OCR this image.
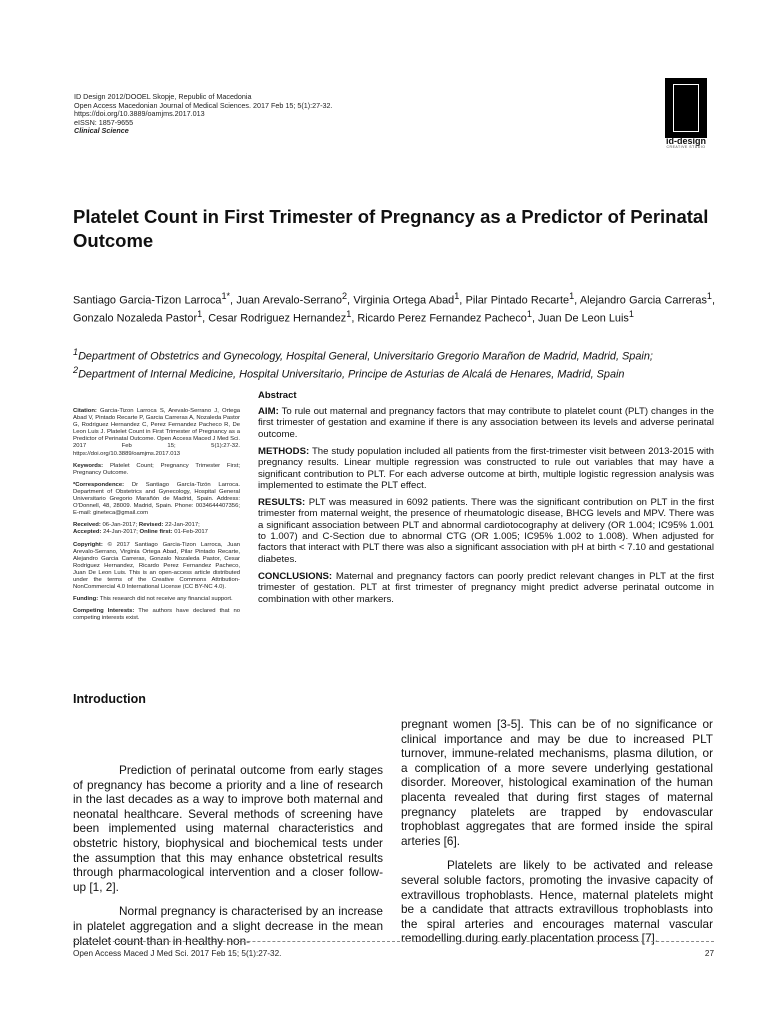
ID Design 2012/DOOEL Skopje, Republic of Macedonia
Open Access Macedonian Journal of Medical Sciences. 2017 Feb 15; 5(1):27-32.
https://doi.org/10.3889/oamjms.2017.013
eISSN: 1857-9655
Clinical Science
id-design
CREATIVE STUDIO
Platelet Count in First Trimester of Pregnancy as a Predictor of Perinatal Outcome
Santiago Garcia-Tizon Larroca$^{1*}$, Juan Arevalo-Serrano$^2$, Virginia Ortega Abad$^1$, Pilar Pintado Recarte$^1$, Alejandro Garcia Carreras$^1$, Gonzalo Nozaleda Pastor$^1$, Cesar Rodriguez Hernandez$^1$, Ricardo Perez Fernandez Pacheco$^1$, Juan De Leon Luis$^1$
$^1$Department of Obstetrics and Gynecology, Hospital General, Universitario Gregorio Marañon de Madrid, Madrid, Spain;
$^2$Department of Internal Medicine, Hospital Universitario, Principe de Asturias de Alcalá de Henares, Madrid, Spain
Abstract

Citation: Garcia-Tizon Larroca S, Arevalo-Serrano J, Ortega Abad V, Pintado Recarte P, Garcia Carreras A, Nozaleda Pastor G, Rodriguez Hernandez C, Perez Fernandez Pacheco R, De Leon Luis J. Platelet Count in First Trimester of Pregnancy as a Predictor of Perinatal Outcome. Open Access Maced J Med Sci. 2017 Feb 15; 5(1):27-32. https://doi.org/10.3889/oamjms.2017.013

Keywords: Platelet Count; Pregnancy Trimester First; Pregnancy Outcome.

*Correspondence: Dr Santiago García-Tizón Larroca. Department of Obstetrics and Gynecology, Hospital General Universitario Gregorio Marañón de Madrid, Spain. Address: O'Donnell, 48, 28009. Madrid, Spain. Phone: 0034644407356; E-mail: gineteca@gmail.com

Received: 06-Jan-2017; Revised: 22-Jan-2017;
Accepted: 24-Jan-2017; Online first: 01-Feb-2017

Copyright: © 2017 Santiago Garcia-Tizon Larroca, Juan Arevalo-Serrano, Virginia Ortega Abad, Pilar Pintado Recarte, Alejandro Garcia Carreras, Gonzalo Nozaleda Pastor, Cesar Rodriguez Hernandez, Ricardo Perez Fernandez Pacheco, Juan De Leon Luis. This is an open-access article distributed under the terms of the Creative Commons Attribution-NonCommercial 4.0 International License (CC BY-NC 4.0).

Funding: This research did not receive any financial support.

Competing Interests: The authors have declared that no competing interests exist.

AIM: To rule out maternal and pregnancy factors that may contribute to platelet count (PLT) changes in the first trimester of gestation and examine if there is any association between its levels and adverse perinatal outcome.

METHODS: The study population included all patients from the first-trimester visit between 2013-2015 with pregnancy results. Linear multiple regression was constructed to rule out variables that may have a significant contribution to PLT. For each adverse outcome at birth, multiple logistic regression analysis was implemented to estimate the PLT effect.

RESULTS: PLT was measured in 6092 patients. There was the significant contribution on PLT in the first trimester from maternal weight, the presence of rheumatologic disease, BHCG levels and MPV. There was a significant association between PLT and abnormal cardiotocography at delivery (OR 1.004; IC95% 1.001 to 1.007) and C-Section due to abnormal CTG (OR 1.005; IC95% 1.002 to 1.008). When adjusted for factors that interact with PLT there was also a significant association with pH at birth < 7.10 and gestational diabetes.

CONCLUSIONS: Maternal and pregnancy factors can poorly predict relevant changes in PLT at the first trimester of gestation. PLT at first trimester of pregnancy might predict adverse perinatal outcome in combination with other markers.

Introduction

Prediction of perinatal outcome from early stages of pregnancy has become a priority and a line of research in the last decades as a way to improve both maternal and neonatal healthcare. Several methods of screening have been implemented using maternal characteristics and obstetric history, biophysical and biochemical tests under the assumption that this may enhance obstetrical results through pharmacological intervention and a closer follow-up [1, 2].

Normal pregnancy is characterised by an increase in platelet aggregation and a slight decrease in the mean platelet count than in healthy non-

pregnant women [3-5]. This can be of no significance or clinical importance and may be due to increased PLT turnover, immune-related mechanisms, plasma dilution, or a complication of a more severe underlying gestational disorder. Moreover, histological examination of the human placenta revealed that during first stages of maternal pregnancy platelets are trapped by endovascular trophoblast aggregates that are formed inside the spiral arteries [6].

Platelets are likely to be activated and release several soluble factors, promoting the invasive capacity of extravillous trophoblasts. Hence, maternal platelets might be a candidate that attracts extravillous trophoblasts into the spiral arteries and encourages maternal vascular remodelling during early placentation process [7].

Open Access Maced J Med Sci. 2017 Feb 15; 5(1):27-32.	27
